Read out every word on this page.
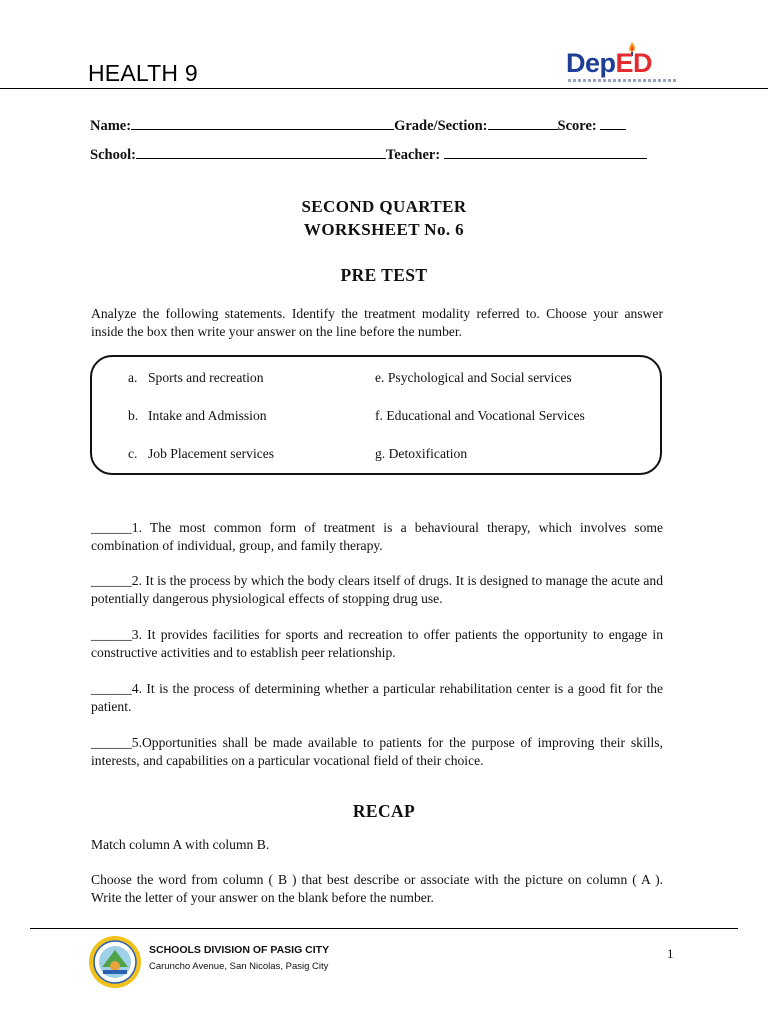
HEALTH 9	DepED
Name:	Grade/Section:	Score:
School:	Teacher:
SECOND QUARTER
WORKSHEET No. 6
PRE TEST
Analyze the following statements. Identify the treatment modality referred to. Choose your answer inside the box then write your answer on the line before the number.
a. Sports and recreation
b. Intake and Admission
c. Job Placement services
e. Psychological and Social services
f. Educational and Vocational Services
g. Detoxification
______1. The most common form of treatment is a behavioural therapy, which involves some combination of individual, group, and family therapy.
______2. It is the process by which the body clears itself of drugs. It is designed to manage the acute and potentially dangerous physiological effects of stopping drug use.
______3. It provides facilities for sports and recreation to offer patients the opportunity to engage in constructive activities and to establish peer relationship.
______4. It is the process of determining whether a particular rehabilitation center is a good fit for the patient.
______5.Opportunities shall be made available to patients for the purpose of improving their skills, interests, and capabilities on a particular vocational field of their choice.
RECAP
Match column A with column B.
Choose the word from column ( B ) that best describe or associate with the picture on column ( A ). Write the letter of your answer on the blank before the number.
SCHOOLS DIVISION OF PASIG CITY
Caruncho Avenue, San Nicolas, Pasig City
1
